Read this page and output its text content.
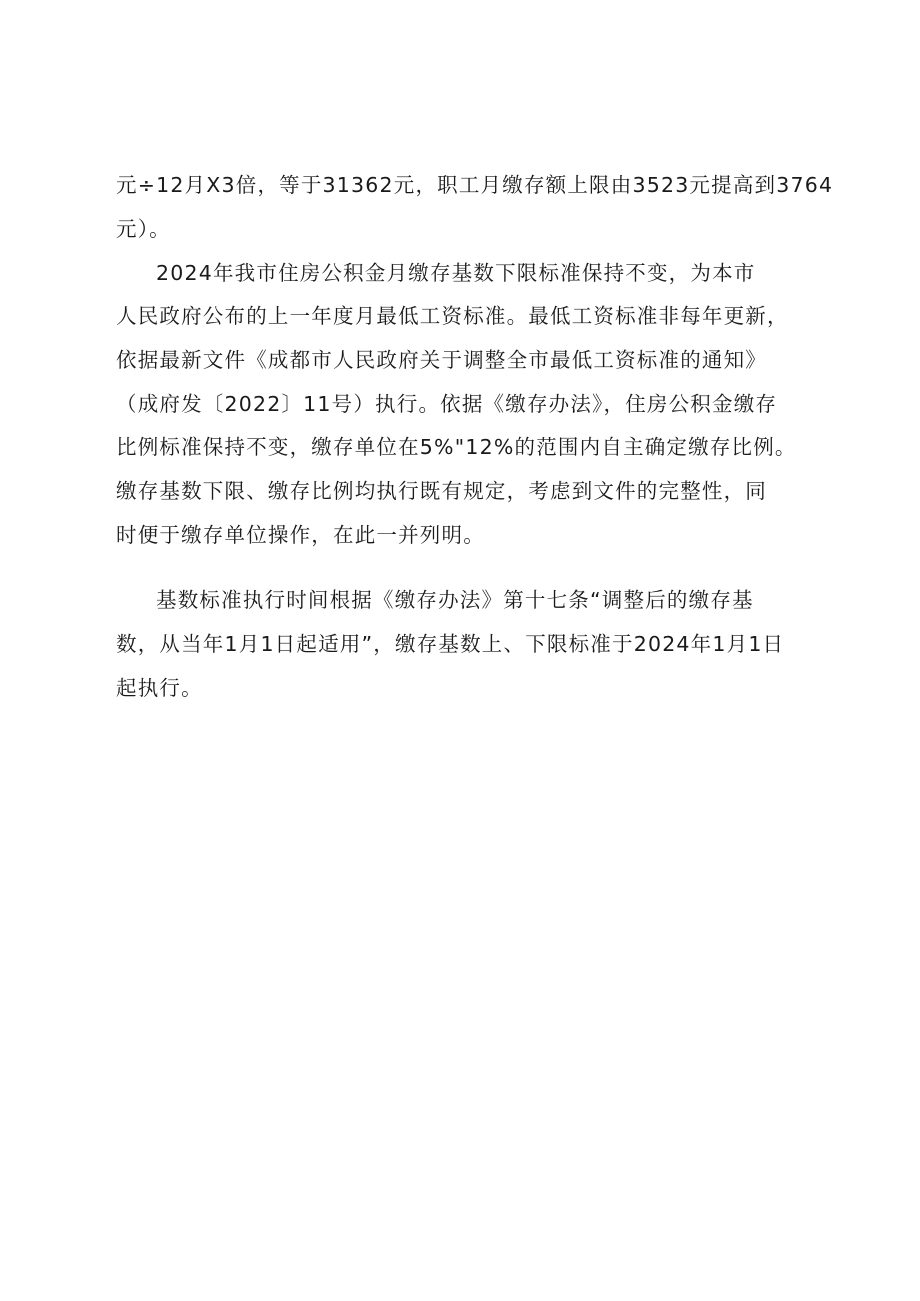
元÷12月X3倍，等于31362元，职工月缴存额上限由3523元提高到3764
元）。
2024年我市住房公积金月缴存基数下限标准保持不变，为本市
人民政府公布的上一年度月最低工资标准。最低工资标准非每年更新，
依据最新文件《成都市人民政府关于调整全市最低工资标准的通知》
（成府发〔2022〕11号）执行。依据《缴存办法》，住房公积金缴存
比例标准保持不变，缴存单位在5%"12%的范围内自主确定缴存比例。
缴存基数下限、缴存比例均执行既有规定，考虑到文件的完整性，同
时便于缴存单位操作，在此一并列明。
基数标准执行时间根据《缴存办法》第十七条“调整后的缴存基
数，从当年1月1日起适用”，缴存基数上、下限标准于2024年1月1日
起执行。
